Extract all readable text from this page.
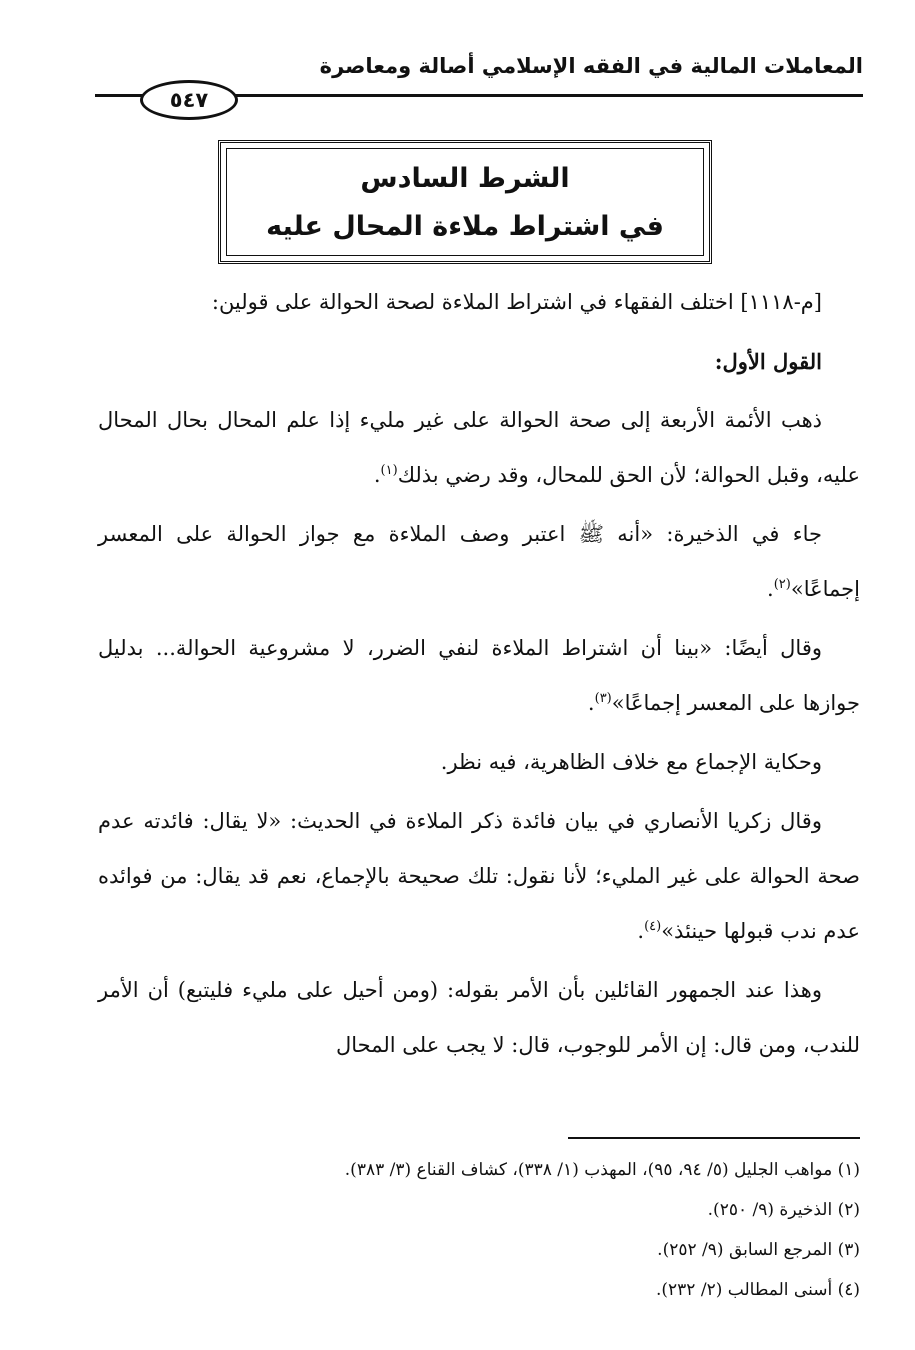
المعاملات المالية في الفقه الإسلامي أصالة ومعاصرة
٥٤٧
الشرط السادس
في اشتراط ملاءة المحال عليه

[م-١١١٨] اختلف الفقهاء في اشتراط الملاءة لصحة الحوالة على قولين:

القول الأول:

ذهب الأئمة الأربعة إلى صحة الحوالة على غير مليء إذا علم المحال بحال المحال عليه، وقبل الحوالة؛ لأن الحق للمحال، وقد رضي بذلك$^{(١)}$.

جاء في الذخيرة: «أنه ﷺ اعتبر وصف الملاءة مع جواز الحوالة على المعسر إجماعًا»$^{(٢)}$.

وقال أيضًا: «بينا أن اشتراط الملاءة لنفي الضرر، لا مشروعية الحوالة... بدليل جوازها على المعسر إجماعًا»$^{(٣)}$.

وحكاية الإجماع مع خلاف الظاهرية، فيه نظر.

وقال زكريا الأنصاري في بيان فائدة ذكر الملاءة في الحديث: «لا يقال: فائدته عدم صحة الحوالة على غير المليء؛ لأنا نقول: تلك صحيحة بالإجماع، نعم قد يقال: من فوائده عدم ندب قبولها حينئذ»$^{(٤)}$.

وهذا عند الجمهور القائلين بأن الأمر بقوله: (ومن أحيل على مليء فليتبع) أن الأمر للندب، ومن قال: إن الأمر للوجوب، قال: لا يجب على المحال

(١) مواهب الجليل (٥/ ٩٤، ٩٥)، المهذب (١/ ٣٣٨)، كشاف القناع (٣/ ٣٨٣).
(٢) الذخيرة (٩/ ٢٥٠).
(٣) المرجع السابق (٩/ ٢٥٢).
(٤) أسنى المطالب (٢/ ٢٣٢).
